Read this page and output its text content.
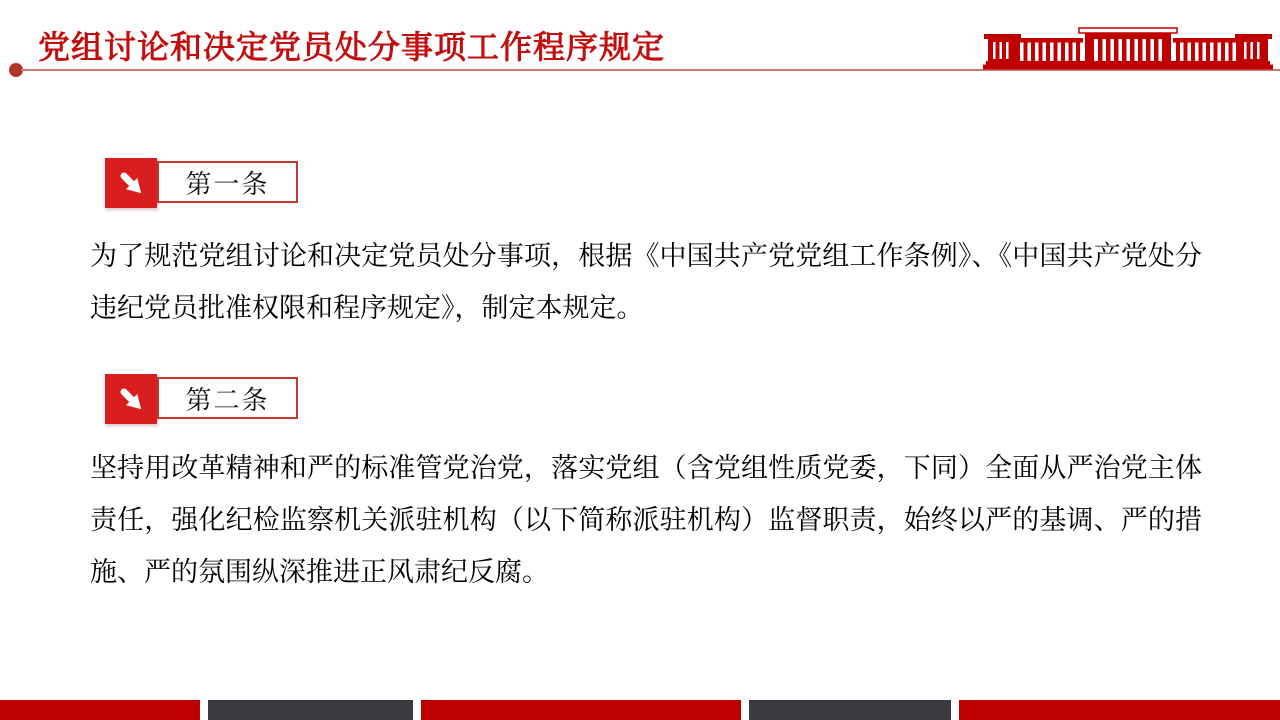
党组讨论和决定党员处分事项工作程序规定
第一条
为了规范党组讨论和决定党员处分事项，根据《中国共产党党组工作条例》、《中国共产党处分违纪党员批准权限和程序规定》，制定本规定。
第二条
坚持用改革精神和严的标准管党治党，落实党组（含党组性质党委，下同）全面从严治党主体责任，强化纪检监察机关派驻机构（以下简称派驻机构）监督职责，始终以严的基调、严的措施、严的氛围纵深推进正风肃纪反腐。
